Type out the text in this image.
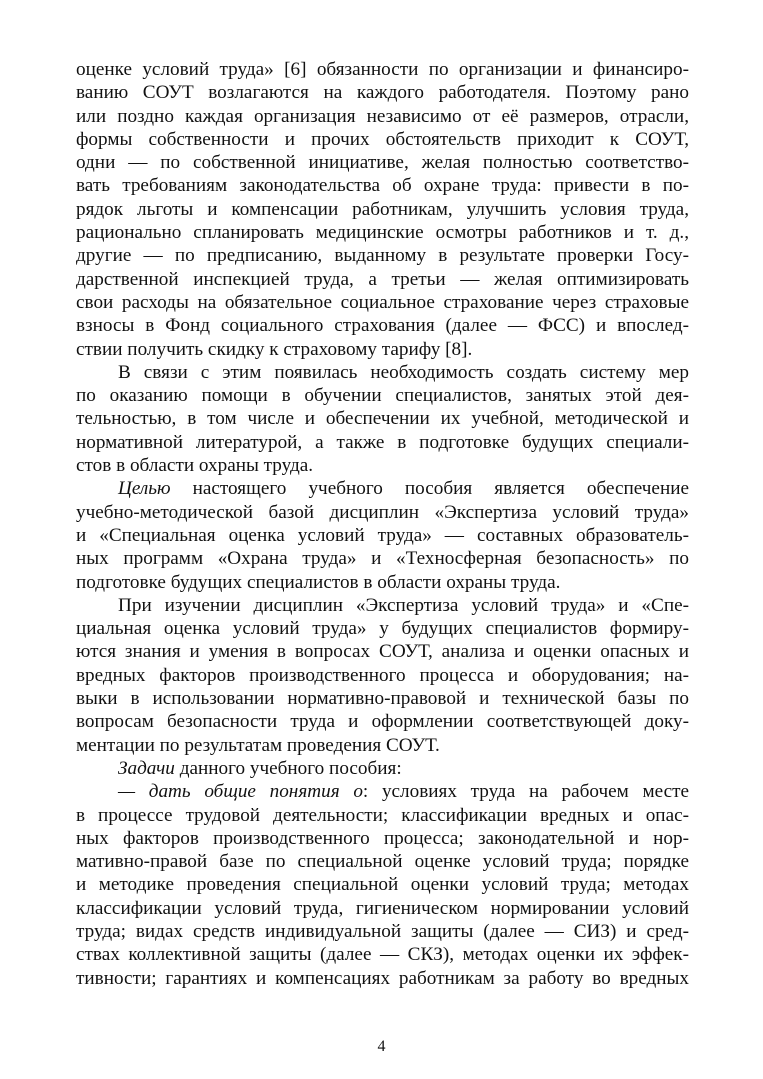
оценке условий труда» [6] обязанности по организации и финансиро-
ванию СОУТ возлагаются на каждого работодателя. Поэтому рано
или поздно каждая организация независимо от её размеров, отрасли,
формы собственности и прочих обстоятельств приходит к СОУТ,
одни — по собственной инициативе, желая полностью соответство-
вать требованиям законодательства об охране труда: привести в по-
рядок льготы и компенсации работникам, улучшить условия труда,
рационально спланировать медицинские осмотры работников и т. д.,
другие — по предписанию, выданному в результате проверки Госу-
дарственной инспекцией труда, а третьи — желая оптимизировать
свои расходы на обязательное социальное страхование через страховые
взносы в Фонд социального страхования (далее — ФСС) и впослед-
ствии получить скидку к страховому тарифу [8].
В связи с этим появилась необходимость создать систему мер
по оказанию помощи в обучении специалистов, занятых этой дея-
тельностью, в том числе и обеспечении их учебной, методической и
нормативной литературой, а также в подготовке будущих специали-
стов в области охраны труда.
Целью настоящего учебного пособия является обеспечение
учебно-методической базой дисциплин «Экспертиза условий труда»
и «Специальная оценка условий труда» — составных образователь-
ных программ «Охрана труда» и «Техносферная безопасность» по
подготовке будущих специалистов в области охраны труда.
При изучении дисциплин «Экспертиза условий труда» и «Спе-
циальная оценка условий труда» у будущих специалистов формиру-
ются знания и умения в вопросах СОУТ, анализа и оценки опасных и
вредных факторов производственного процесса и оборудования; на-
выки в использовании нормативно-правовой и технической базы по
вопросам безопасности труда и оформлении соответствующей доку-
ментации по результатам проведения СОУТ.
Задачи данного учебного пособия:
— дать общие понятия о: условиях труда на рабочем месте
в процессе трудовой деятельности; классификации вредных и опас-
ных факторов производственного процесса; законодательной и нор-
мативно-правой базе по специальной оценке условий труда; порядке
и методике проведения специальной оценки условий труда; методах
классификации условий труда, гигиеническом нормировании условий
труда; видах средств индивидуальной защиты (далее — СИЗ) и сред-
ствах коллективной защиты (далее — СКЗ), методах оценки их эффек-
тивности; гарантиях и компенсациях работникам за работу во вредных
4
